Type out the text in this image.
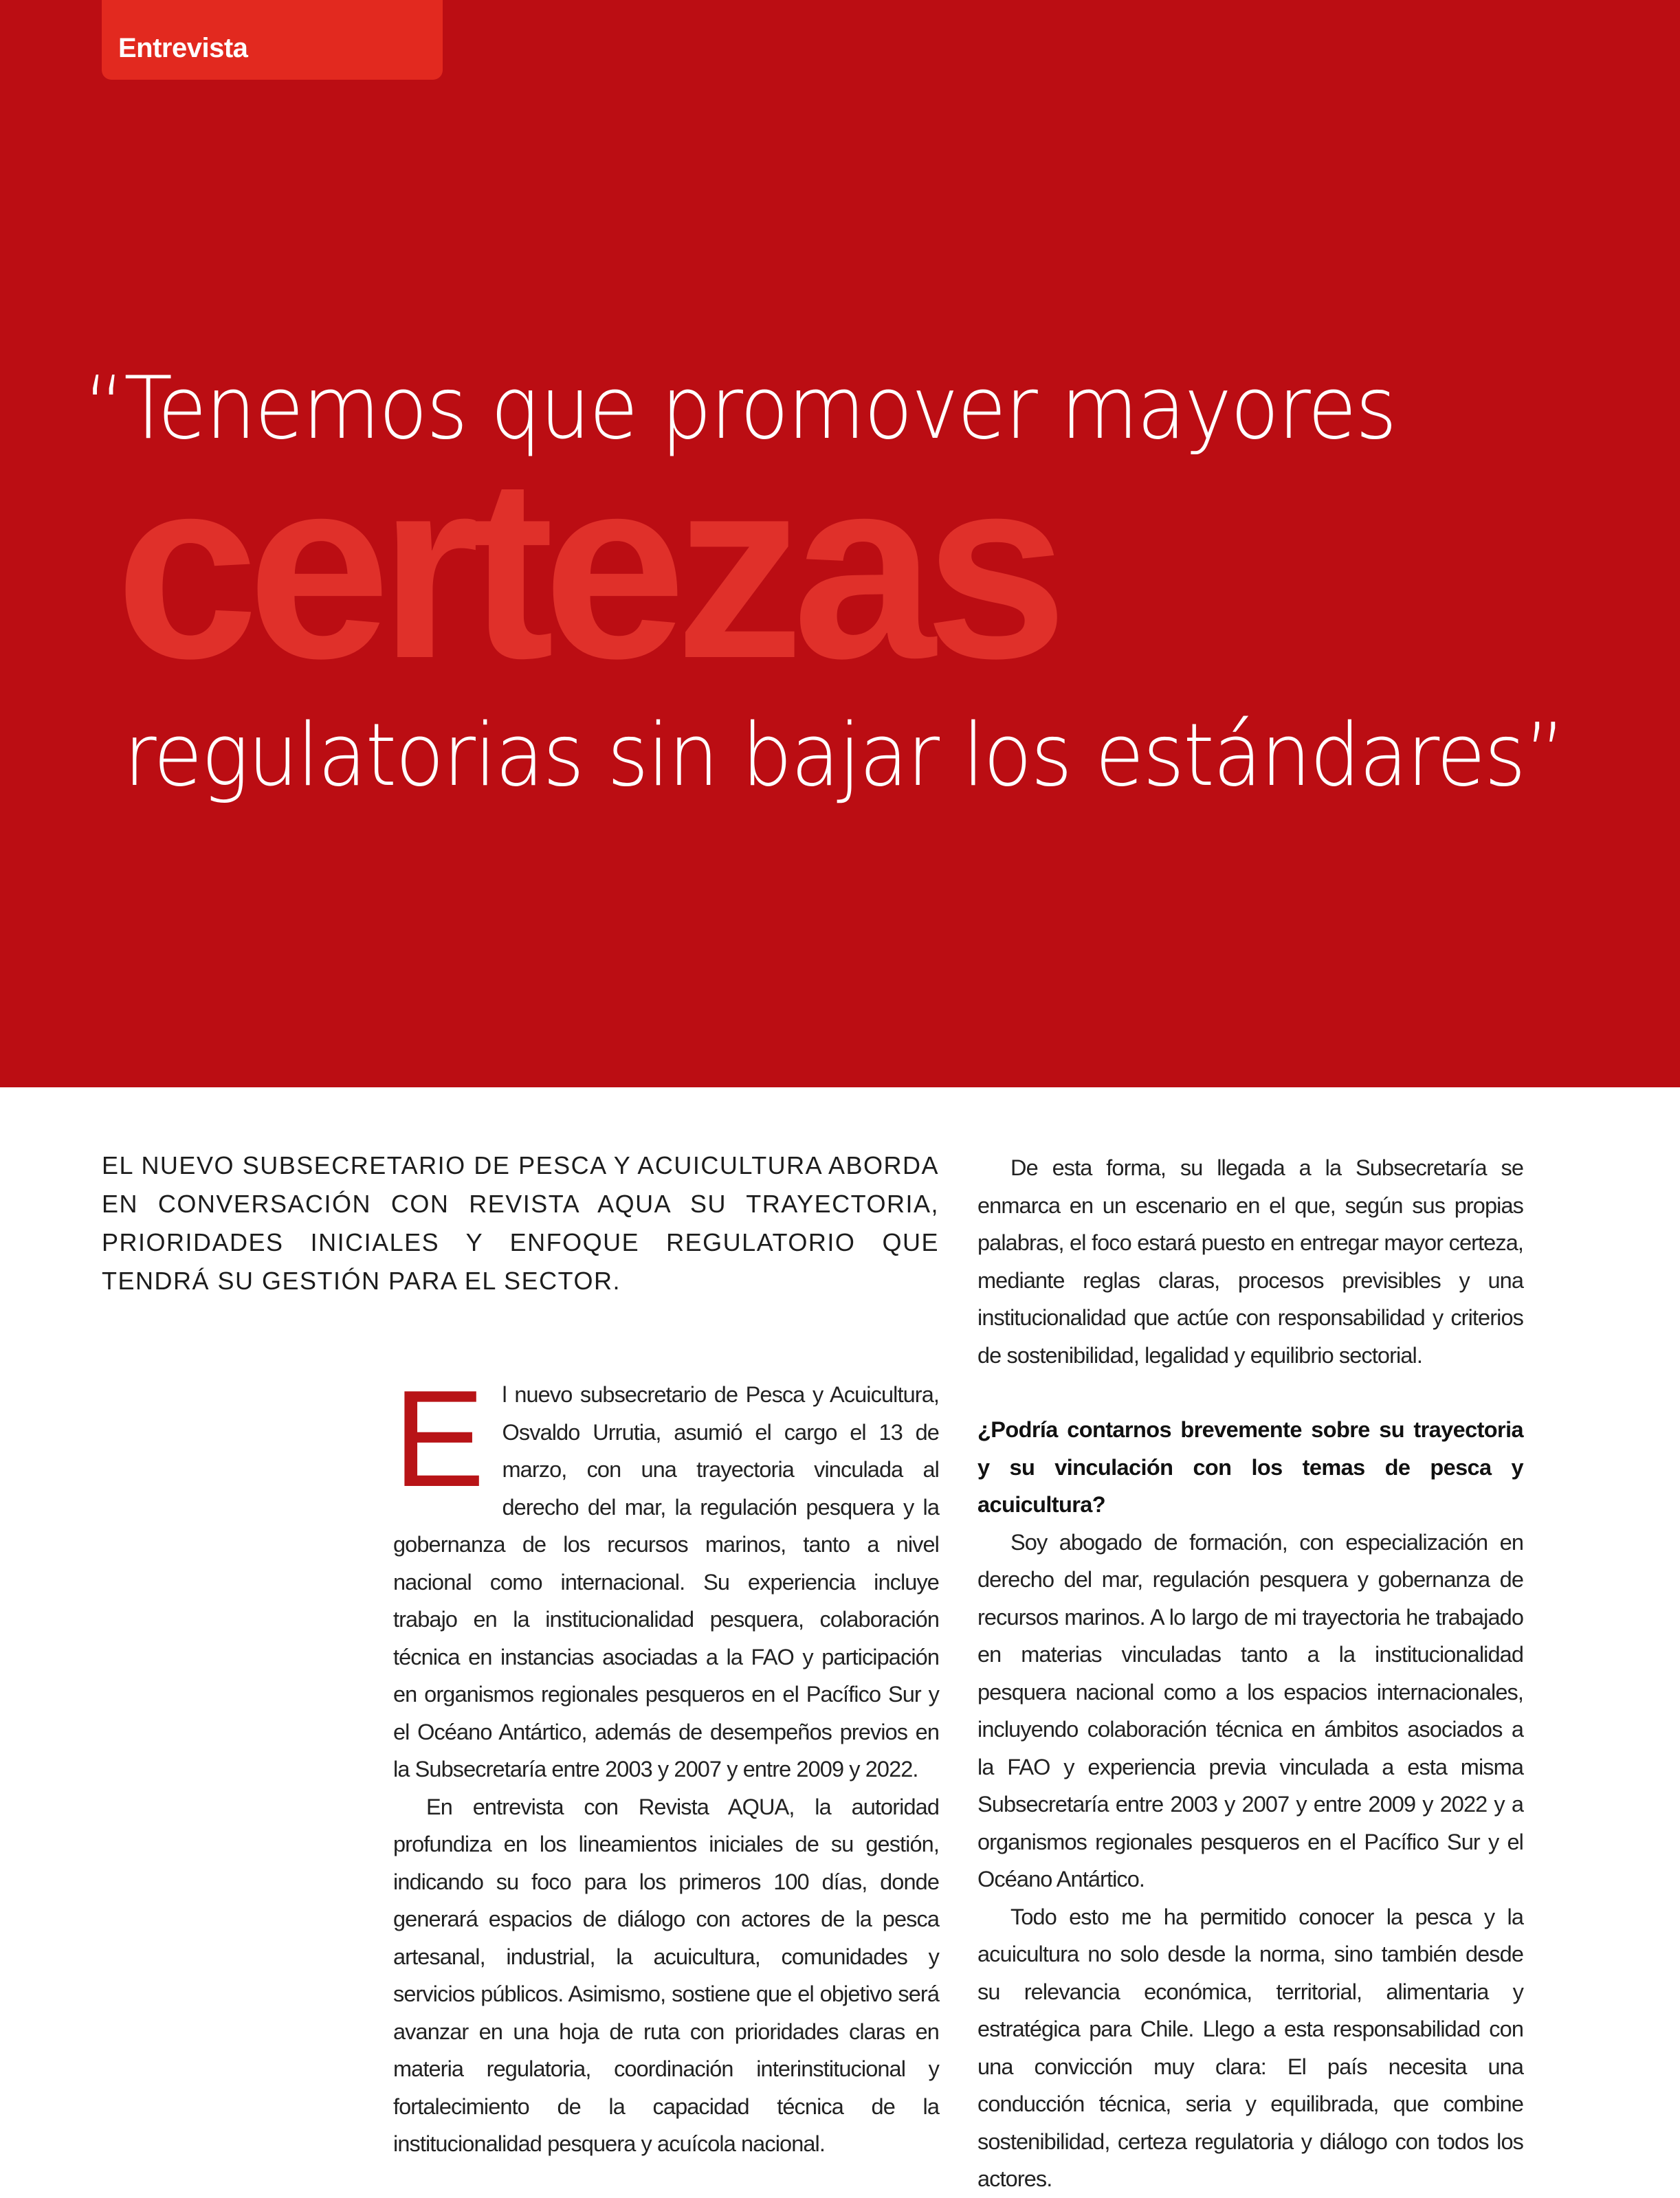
Entrevista
“Tenemos que promover mayores
certezas
regulatorias sin bajar los estándares”

EL NUEVO SUBSECRETARIO DE PESCA Y ACUICULTURA ABORDA EN CONVERSACIÓN CON REVISTA AQUA SU TRAYECTORIA, PRIORIDADES INICIALES Y ENFOQUE REGULATORIO QUE TENDRÁ SU GESTIÓN PARA EL SECTOR.

El nuevo subsecretario de Pesca y Acuicultura, Osvaldo Urrutia, asumió el cargo el 13 de marzo, con una trayectoria vinculada al derecho del mar, la regulación pesquera y la gobernanza de los recursos marinos, tanto a nivel nacional como internacional. Su experiencia incluye trabajo en la institucionalidad pesquera, colaboración técnica en instancias asociadas a la FAO y participación en organismos regionales pesqueros en el Pacífico Sur y el Océano Antártico, además de desempeños previos en la Subsecretaría entre 2003 y 2007 y entre 2009 y 2022.

En entrevista con Revista AQUA, la autoridad profundiza en los lineamientos iniciales de su gestión, indicando su foco para los primeros 100 días, donde generará espacios de diálogo con actores de la pesca artesanal, industrial, la acuicultura, comunidades y servicios públicos. Asimismo, sostiene que el objetivo será avanzar en una hoja de ruta con prioridades claras en materia regulatoria, coordinación interinstitucional y fortalecimiento de la capacidad técnica de la institucionalidad pesquera y acuícola nacional.

De esta forma, su llegada a la Subsecretaría se enmarca en un escenario en el que, según sus propias palabras, el foco estará puesto en entregar mayor certeza, mediante reglas claras, procesos previsibles y una institucionalidad que actúe con responsabilidad y criterios de sostenibilidad, legalidad y equilibrio sectorial.

¿Podría contarnos brevemente sobre su trayectoria y su vinculación con los temas de pesca y acuicultura?

Soy abogado de formación, con especialización en derecho del mar, regulación pesquera y gobernanza de recursos marinos. A lo largo de mi trayectoria he trabajado en materias vinculadas tanto a la institucionalidad pesquera nacional como a los espacios internacionales, incluyendo colaboración técnica en ámbitos asociados a la FAO y experiencia previa vinculada a esta misma Subsecretaría entre 2003 y 2007 y entre 2009 y 2022 y a organismos regionales pesqueros en el Pacífico Sur y el Océano Antártico.

Todo esto me ha permitido conocer la pesca y la acuicultura no solo desde la norma, sino también desde su relevancia económica, territorial, alimentaria y estratégica para Chile. Llego a esta responsabilidad con una convicción muy clara: El país necesita una conducción técnica, seria y equilibrada, que combine sostenibilidad, certeza regulatoria y diálogo con todos los actores.
